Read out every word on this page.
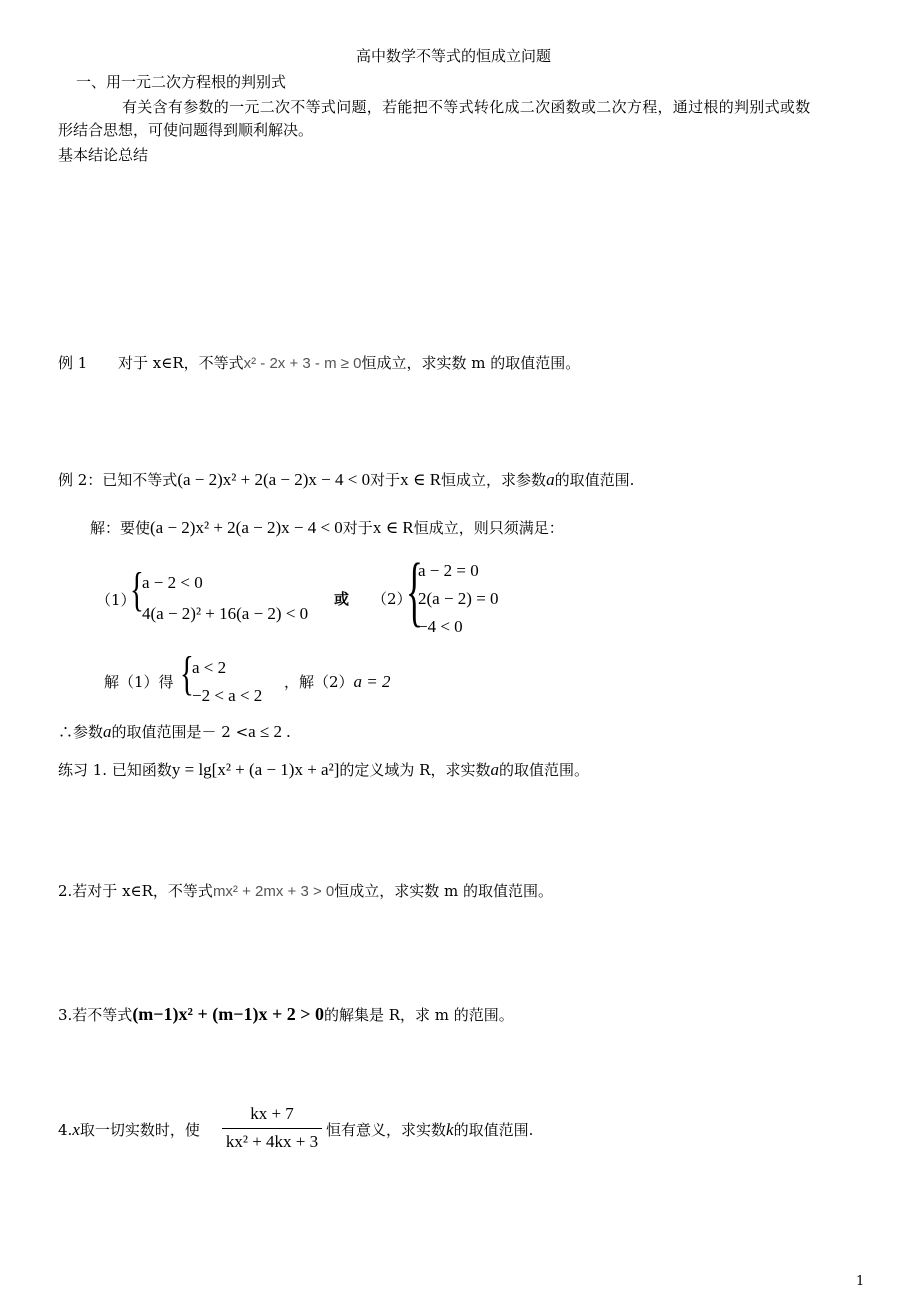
高中数学不等式的恒成立问题
一、用一元二次方程根的判别式
有关含有参数的一元二次不等式问题，若能把不等式转化成二次函数或二次方程，通过根的判别式或数
形结合思想，可使问题得到顺利解决。
基本结论总结
例 1 对于 x∈R，不等式x² - 2x + 3 - m ≥ 0恒成立，求实数 m 的取值范围。
例 2：已知不等式(a − 2)x² + 2(a − 2)x − 4 < 0对于x ∈ R恒成立，求参数a的取值范围.
解：要使(a − 2)x² + 2(a − 2)x − 4 < 0对于x ∈ R恒成立，则只须满足：
（1）
{
a − 2 < 0
4(a − 2)² + 16(a − 2) < 0
或 （2）
{
a − 2 = 0
2(a − 2) = 0
−4 < 0
解（1）得 {
a < 2
−2 < a < 2
，解（2）a = 2
∴参数a的取值范围是－ 2 <a ≤ 2 .
练习 1. 已知函数y = lg[x² + (a − 1)x + a²]的定义域为 R，求实数a的取值范围。
2.若对于 x∈R，不等式mx² + 2mx + 3 > 0恒成立，求实数 m 的取值范围。
3.若不等式(m−1)x² + (m−1)x + 2 > 0的解集是 R，求 m 的范围。
4.x取一切实数时，使
kx + 7
kx² + 4kx + 3
恒有意义，求实数k的取值范围.
1
